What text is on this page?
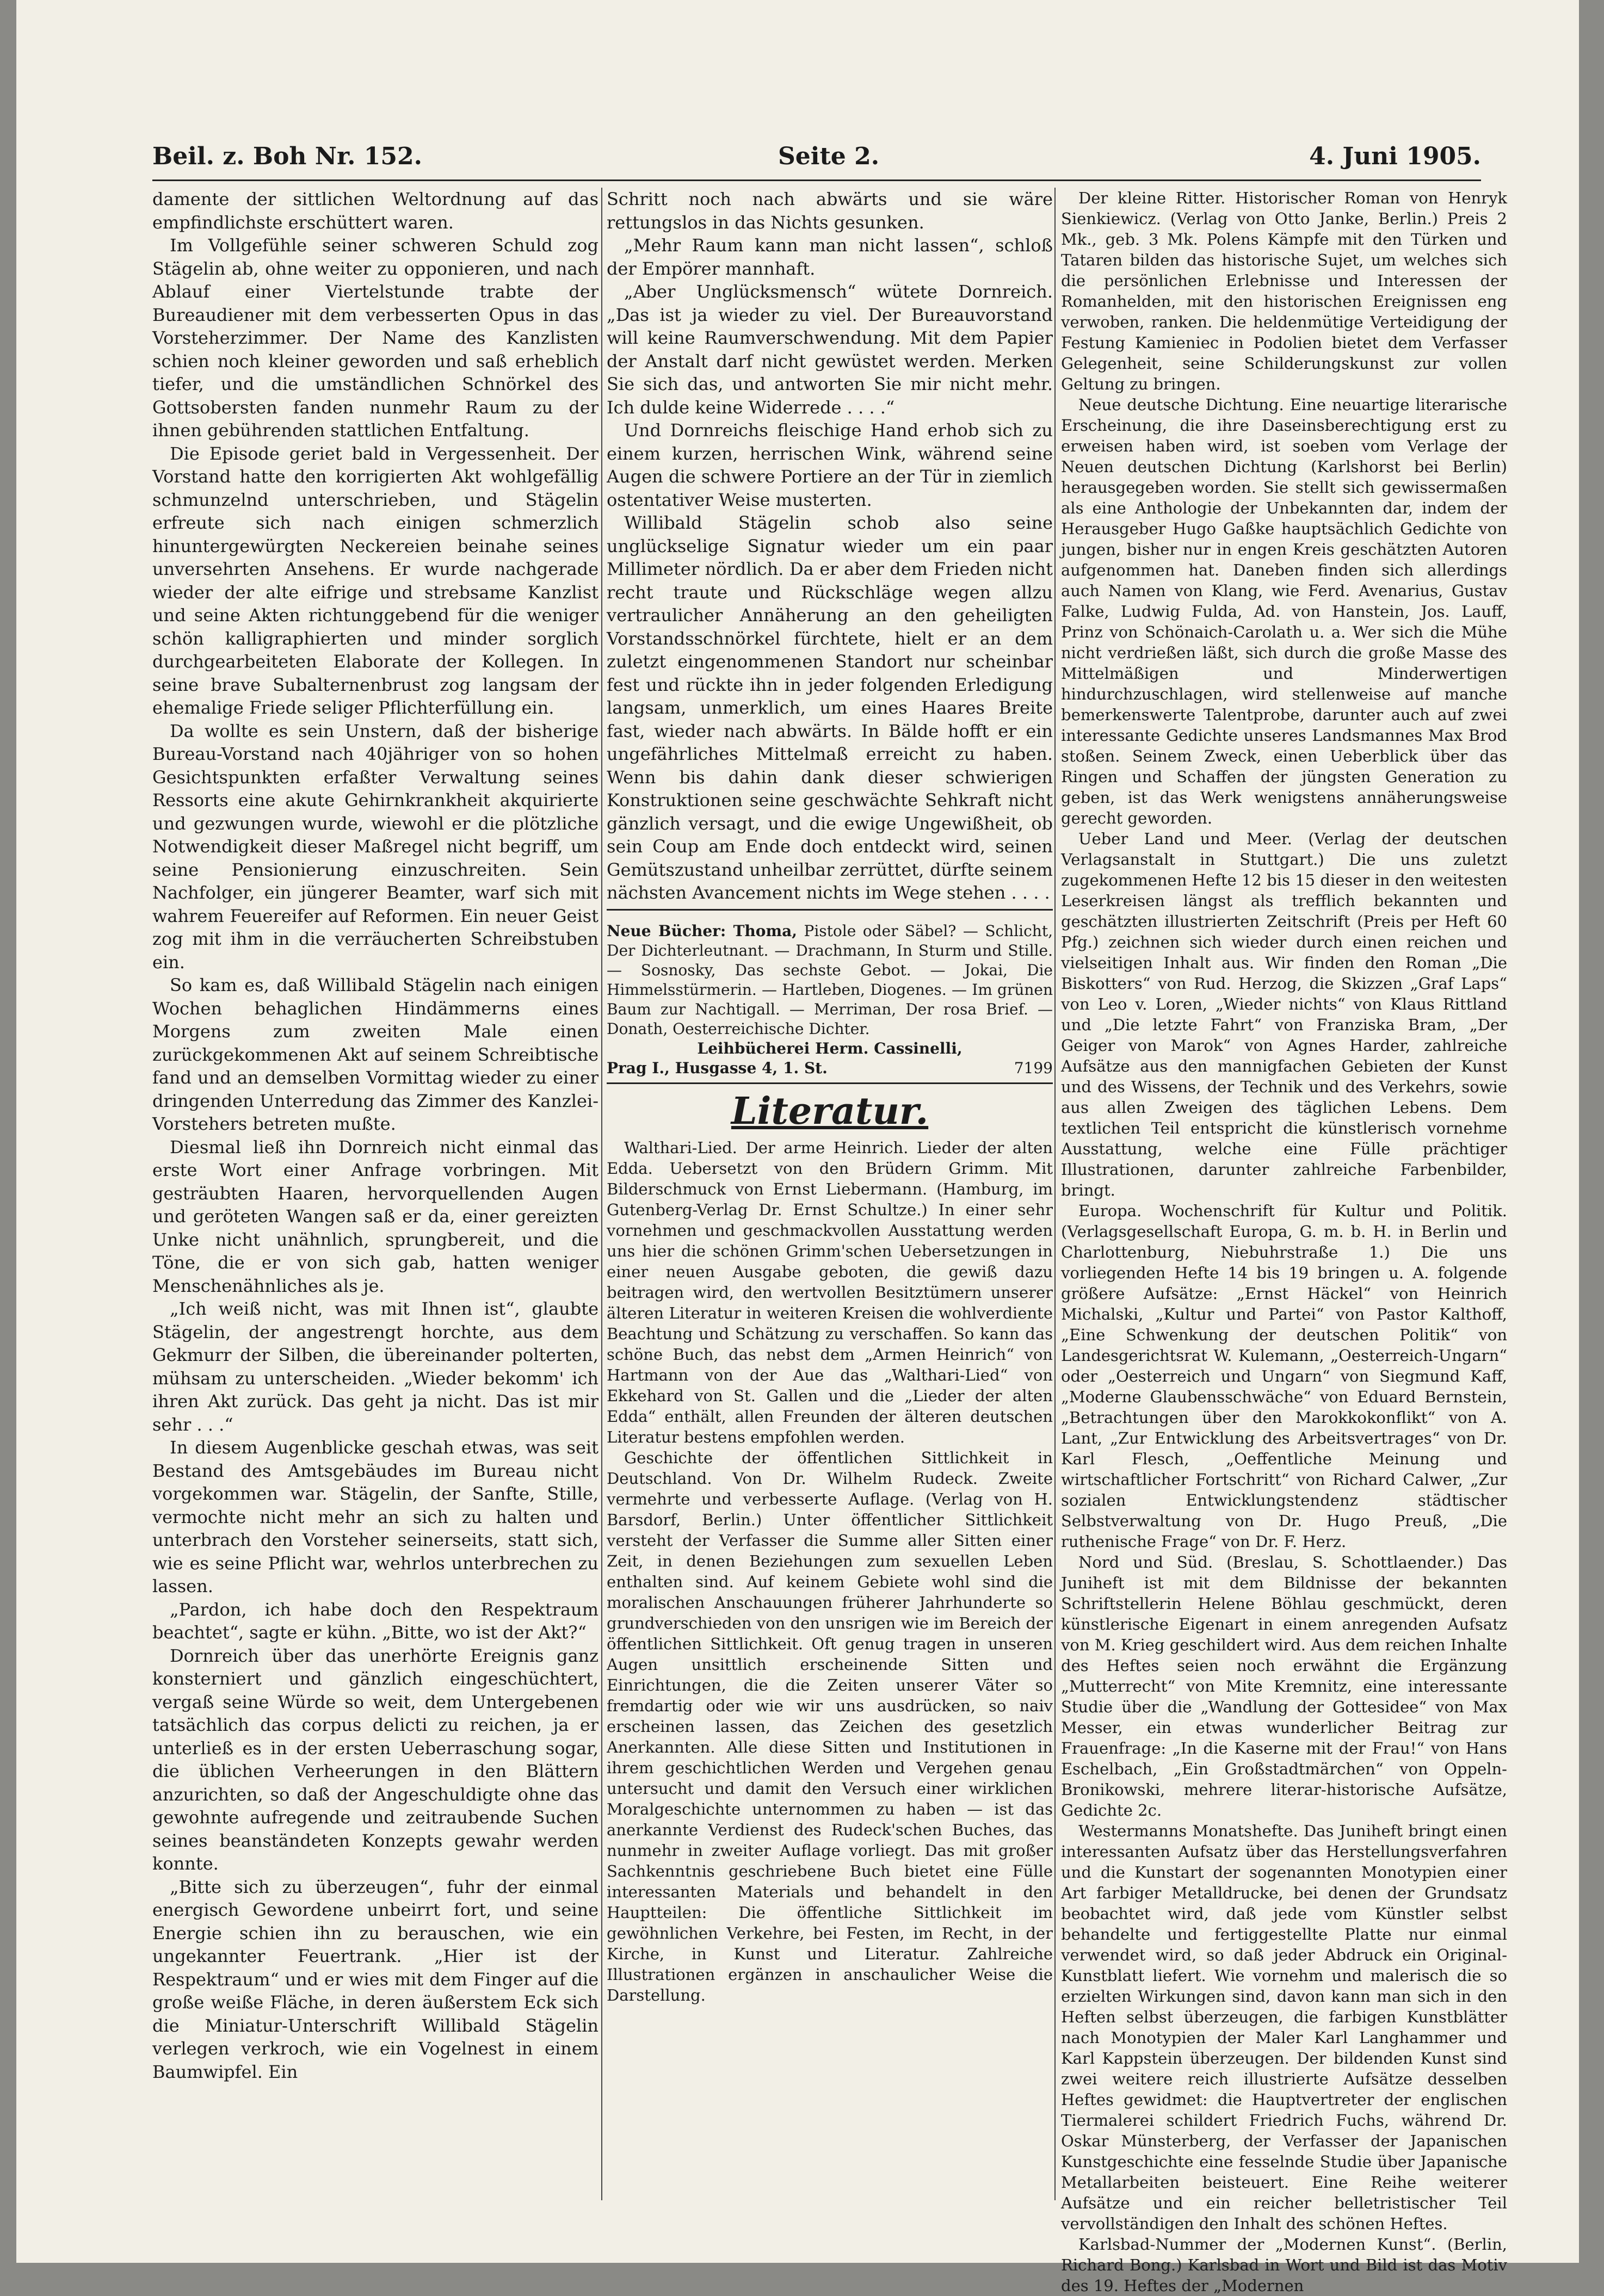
Beil. z. Boh Nr. 152.	Seite 2.	4. Juni 1905.

damente der sittlichen Weltordnung auf das empfindlichste erschüttert waren.

Im Vollgefühle seiner schweren Schuld zog Stägelin ab, ohne weiter zu opponieren, und nach Ablauf einer Viertelstunde trabte der Bureaudiener mit dem verbesserten Opus in das Vorsteherzimmer. Der Name des Kanzlisten schien noch kleiner geworden und saß erheblich tiefer, und die umständlichen Schnörkel des Gottsobersten fanden nunmehr Raum zu der ihnen gebührenden stattlichen Entfaltung.

Die Episode geriet bald in Vergessenheit. Der Vorstand hatte den korrigierten Akt wohlgefällig schmunzelnd unterschrieben, und Stägelin erfreute sich nach einigen schmerzlich hinuntergewürgten Neckereien beinahe seines unversehrten Ansehens. Er wurde nachgerade wieder der alte eifrige und strebsame Kanzlist und seine Akten richtunggebend für die weniger schön kalligraphierten und minder sorglich durchgearbeiteten Elaborate der Kollegen. In seine brave Subalternenbrust zog langsam der ehemalige Friede seliger Pflichterfüllung ein.

Da wollte es sein Unstern, daß der bisherige Bureau-Vorstand nach 40jähriger von so hohen Gesichtspunkten erfaßter Verwaltung seines Ressorts eine akute Gehirnkrankheit akquirierte und gezwungen wurde, wiewohl er die plötzliche Notwendigkeit dieser Maßregel nicht begriff, um seine Pensionierung einzuschreiten. Sein Nachfolger, ein jüngerer Beamter, warf sich mit wahrem Feuereifer auf Reformen. Ein neuer Geist zog mit ihm in die verräucherten Schreibstuben ein.

So kam es, daß Willibald Stägelin nach einigen Wochen behaglichen Hindämmerns eines Morgens zum zweiten Male einen zurückgekommenen Akt auf seinem Schreibtische fand und an demselben Vormittag wieder zu einer dringenden Unterredung das Zimmer des Kanzlei-Vorstehers betreten mußte.

Diesmal ließ ihn Dornreich nicht einmal das erste Wort einer Anfrage vorbringen. Mit gesträubten Haaren, hervorquellenden Augen und geröteten Wangen saß er da, einer gereizten Unke nicht unähnlich, sprungbereit, und die Töne, die er von sich gab, hatten weniger Menschenähnliches als je.

„Ich weiß nicht, was mit Ihnen ist“, glaubte Stägelin, der angestrengt horchte, aus dem Gekmurr der Silben, die übereinander polterten, mühsam zu unterscheiden. „Wieder bekomm' ich ihren Akt zurück. Das geht ja nicht. Das ist mir sehr . . .“

In diesem Augenblicke geschah etwas, was seit Bestand des Amtsgebäudes im Bureau nicht vorgekommen war. Stägelin, der Sanfte, Stille, vermochte nicht mehr an sich zu halten und unterbrach den Vorsteher seinerseits, statt sich, wie es seine Pflicht war, wehrlos unterbrechen zu lassen.

„Pardon, ich habe doch den Respektraum beachtet“, sagte er kühn. „Bitte, wo ist der Akt?“

Dornreich über das unerhörte Ereignis ganz konsterniert und gänzlich eingeschüchtert, vergaß seine Würde so weit, dem Untergebenen tatsächlich das corpus delicti zu reichen, ja er unterließ es in der ersten Ueberraschung sogar, die üblichen Verheerungen in den Blättern anzurichten, so daß der Angeschuldigte ohne das gewohnte aufregende und zeitraubende Suchen seines beanständeten Konzepts gewahr werden konnte.

„Bitte sich zu überzeugen“, fuhr der einmal energisch Gewordene unbeirrt fort, und seine Energie schien ihn zu berauschen, wie ein ungekannter Feuertrank. „Hier ist der Respektraum“ und er wies mit dem Finger auf die große weiße Fläche, in deren äußerstem Eck sich die Miniatur-Unterschrift Willibald Stägelin verlegen verkroch, wie ein Vogelnest in einem Baumwipfel. Ein

Schritt noch nach abwärts und sie wäre rettungslos in das Nichts gesunken.

„Mehr Raum kann man nicht lassen“, schloß der Empörer mannhaft.

„Aber Unglücksmensch“ wütete Dornreich. „Das ist ja wieder zu viel. Der Bureauvorstand will keine Raumverschwendung. Mit dem Papier der Anstalt darf nicht gewüstet werden. Merken Sie sich das, und antworten Sie mir nicht mehr. Ich dulde keine Widerrede . . . .“

Und Dornreichs fleischige Hand erhob sich zu einem kurzen, herrischen Wink, während seine Augen die schwere Portiere an der Tür in ziemlich ostentativer Weise musterten.

Willibald Stägelin schob also seine unglückselige Signatur wieder um ein paar Millimeter nördlich. Da er aber dem Frieden nicht recht traute und Rückschläge wegen allzu vertraulicher Annäherung an den geheiligten Vorstandsschnörkel fürchtete, hielt er an dem zuletzt eingenommenen Standort nur scheinbar fest und rückte ihn in jeder folgenden Erledigung langsam, unmerklich, um eines Haares Breite fast, wieder nach abwärts. In Bälde hofft er ein ungefährliches Mittelmaß erreicht zu haben. Wenn bis dahin dank dieser schwierigen Konstruktionen seine geschwächte Sehkraft nicht gänzlich versagt, und die ewige Ungewißheit, ob sein Coup am Ende doch entdeckt wird, seinen Gemütszustand unheilbar zerrüttet, dürfte seinem nächsten Avancement nichts im Wege stehen . . . .

Neue Bücher: Thoma, Pistole oder Säbel? — Schlicht, Der Dichterleutnant. — Drachmann, In Sturm und Stille. — Sosnosky, Das sechste Gebot. — Jokai, Die Himmelsstürmerin. — Hartleben, Diogenes. — Im grünen Baum zur Nachtigall. — Merriman, Der rosa Brief. — Donath, Oesterreichische Dichter.

Leihbücherei Herm. Cassinelli,

Prag I., Husgasse 4, 1. St.	7199

Literatur.

Walthari-Lied. Der arme Heinrich. Lieder der alten Edda. Uebersetzt von den Brüdern Grimm. Mit Bilderschmuck von Ernst Liebermann. (Hamburg, im Gutenberg-Verlag Dr. Ernst Schultze.) In einer sehr vornehmen und geschmackvollen Ausstattung werden uns hier die schönen Grimm'schen Uebersetzungen in einer neuen Ausgabe geboten, die gewiß dazu beitragen wird, den wertvollen Besitztümern unserer älteren Literatur in weiteren Kreisen die wohlverdiente Beachtung und Schätzung zu verschaffen. So kann das schöne Buch, das nebst dem „Armen Heinrich“ von Hartmann von der Aue das „Walthari-Lied“ von Ekkehard von St. Gallen und die „Lieder der alten Edda“ enthält, allen Freunden der älteren deutschen Literatur bestens empfohlen werden.

Geschichte der öffentlichen Sittlichkeit in Deutschland. Von Dr. Wilhelm Rudeck. Zweite vermehrte und verbesserte Auflage. (Verlag von H. Barsdorf, Berlin.) Unter öffentlicher Sittlichkeit versteht der Verfasser die Summe aller Sitten einer Zeit, in denen Beziehungen zum sexuellen Leben enthalten sind. Auf keinem Gebiete wohl sind die moralischen Anschauungen früherer Jahrhunderte so grundverschieden von den unsrigen wie im Bereich der öffentlichen Sittlichkeit. Oft genug tragen in unseren Augen unsittlich erscheinende Sitten und Einrichtungen, die die Zeiten unserer Väter so fremdartig oder wie wir uns ausdrücken, so naiv erscheinen lassen, das Zeichen des gesetzlich Anerkannten. Alle diese Sitten und Institutionen in ihrem geschichtlichen Werden und Vergehen genau untersucht und damit den Versuch einer wirklichen Moralgeschichte unternommen zu haben — ist das anerkannte Verdienst des Rudeck'schen Buches, das nunmehr in zweiter Auflage vorliegt. Das mit großer Sachkenntnis geschriebene Buch bietet eine Fülle interessanten Materials und behandelt in den Hauptteilen: Die öffentliche Sittlichkeit im gewöhnlichen Verkehre, bei Festen, im Recht, in der Kirche, in Kunst und Literatur. Zahlreiche Illustrationen ergänzen in anschaulicher Weise die Darstellung.

Der kleine Ritter. Historischer Roman von Henryk Sienkiewicz. (Verlag von Otto Janke, Berlin.) Preis 2 Mk., geb. 3 Mk. Polens Kämpfe mit den Türken und Tataren bilden das historische Sujet, um welches sich die persönlichen Erlebnisse und Interessen der Romanhelden, mit den historischen Ereignissen eng verwoben, ranken. Die heldenmütige Verteidigung der Festung Kamieniec in Podolien bietet dem Verfasser Gelegenheit, seine Schilderungskunst zur vollen Geltung zu bringen.

Neue deutsche Dichtung. Eine neuartige literarische Erscheinung, die ihre Daseinsberechtigung erst zu erweisen haben wird, ist soeben vom Verlage der Neuen deutschen Dichtung (Karlshorst bei Berlin) herausgegeben worden. Sie stellt sich gewissermaßen als eine Anthologie der Unbekannten dar, indem der Herausgeber Hugo Gaßke hauptsächlich Gedichte von jungen, bisher nur in engen Kreis geschätzten Autoren aufgenommen hat. Daneben finden sich allerdings auch Namen von Klang, wie Ferd. Avenarius, Gustav Falke, Ludwig Fulda, Ad. von Hanstein, Jos. Lauff, Prinz von Schönaich-Carolath u. a. Wer sich die Mühe nicht verdrießen läßt, sich durch die große Masse des Mittelmäßigen und Minderwertigen hindurchzuschlagen, wird stellenweise auf manche bemerkenswerte Talentprobe, darunter auch auf zwei interessante Gedichte unseres Landsmannes Max Brod stoßen. Seinem Zweck, einen Ueberblick über das Ringen und Schaffen der jüngsten Generation zu geben, ist das Werk wenigstens annäherungsweise gerecht geworden.

Ueber Land und Meer. (Verlag der deutschen Verlagsanstalt in Stuttgart.) Die uns zuletzt zugekommenen Hefte 12 bis 15 dieser in den weitesten Leserkreisen längst als trefflich bekannten und geschätzten illustrierten Zeitschrift (Preis per Heft 60 Pfg.) zeichnen sich wieder durch einen reichen und vielseitigen Inhalt aus. Wir finden den Roman „Die Biskotters“ von Rud. Herzog, die Skizzen „Graf Laps“ von Leo v. Loren, „Wieder nichts“ von Klaus Rittland und „Die letzte Fahrt“ von Franziska Bram, „Der Geiger von Marok“ von Agnes Harder, zahlreiche Aufsätze aus den mannigfachen Gebieten der Kunst und des Wissens, der Technik und des Verkehrs, sowie aus allen Zweigen des täglichen Lebens. Dem textlichen Teil entspricht die künstlerisch vornehme Ausstattung, welche eine Fülle prächtiger Illustrationen, darunter zahlreiche Farbenbilder, bringt.

Europa. Wochenschrift für Kultur und Politik. (Verlagsgesellschaft Europa, G. m. b. H. in Berlin und Charlottenburg, Niebuhrstraße 1.) Die uns vorliegenden Hefte 14 bis 19 bringen u. A. folgende größere Aufsätze: „Ernst Häckel“ von Heinrich Michalski, „Kultur und Partei“ von Pastor Kalthoff, „Eine Schwenkung der deutschen Politik“ von Landesgerichtsrat W. Kulemann, „Oesterreich-Ungarn“ oder „Oesterreich und Ungarn“ von Siegmund Kaff, „Moderne Glaubensschwäche“ von Eduard Bernstein, „Betrachtungen über den Marokkokonflikt“ von A. Lant, „Zur Entwicklung des Arbeitsvertrages“ von Dr. Karl Flesch, „Oeffentliche Meinung und wirtschaftlicher Fortschritt“ von Richard Calwer, „Zur sozialen Entwicklungstendenz städtischer Selbstverwaltung von Dr. Hugo Preuß, „Die ruthenische Frage“ von Dr. F. Herz.

Nord und Süd. (Breslau, S. Schottlaender.) Das Juniheft ist mit dem Bildnisse der bekannten Schriftstellerin Helene Böhlau geschmückt, deren künstlerische Eigenart in einem anregenden Aufsatz von M. Krieg geschildert wird. Aus dem reichen Inhalte des Heftes seien noch erwähnt die Ergänzung „Mutterrecht“ von Mite Kremnitz, eine interessante Studie über die „Wandlung der Gottesidee“ von Max Messer, ein etwas wunderlicher Beitrag zur Frauenfrage: „In die Kaserne mit der Frau!“ von Hans Eschelbach, „Ein Großstadtmärchen“ von Oppeln-Bronikowski, mehrere literar-historische Aufsätze, Gedichte 2c.

Westermanns Monatshefte. Das Juniheft bringt einen interessanten Aufsatz über das Herstellungsverfahren und die Kunstart der sogenannten Monotypien einer Art farbiger Metalldrucke, bei denen der Grundsatz beobachtet wird, daß jede vom Künstler selbst behandelte und fertiggestellte Platte nur einmal verwendet wird, so daß jeder Abdruck ein Original-Kunstblatt liefert. Wie vornehm und malerisch die so erzielten Wirkungen sind, davon kann man sich in den Heften selbst überzeugen, die farbigen Kunstblätter nach Monotypien der Maler Karl Langhammer und Karl Kappstein überzeugen. Der bildenden Kunst sind zwei weitere reich illustrierte Aufsätze desselben Heftes gewidmet: die Hauptvertreter der englischen Tiermalerei schildert Friedrich Fuchs, während Dr. Oskar Münsterberg, der Verfasser der Japanischen Kunstgeschichte eine fesselnde Studie über Japanische Metallarbeiten beisteuert. Eine Reihe weiterer Aufsätze und ein reicher belletristischer Teil vervollständigen den Inhalt des schönen Heftes.

Karlsbad-Nummer der „Modernen Kunst“. (Berlin, Richard Bong.) Karlsbad in Wort und Bild ist das Motiv des 19. Heftes der „Modernen
